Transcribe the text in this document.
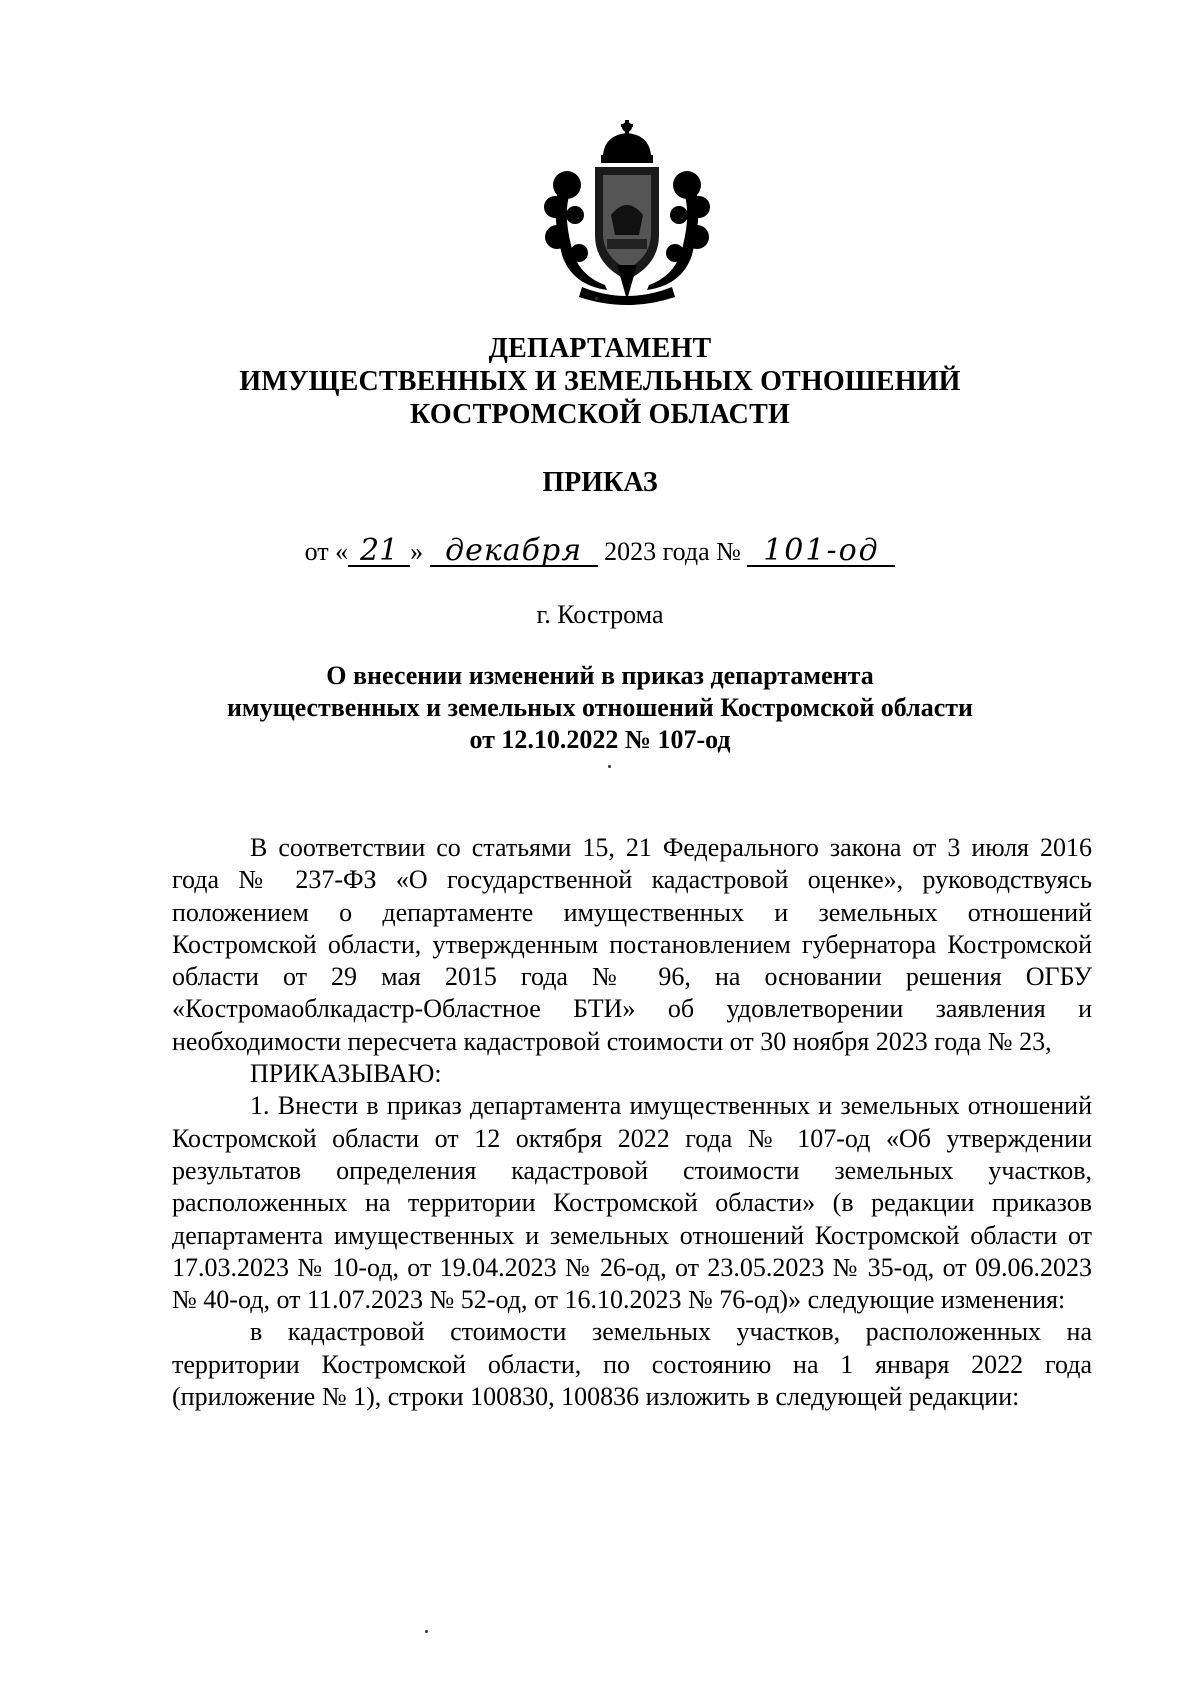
ДЕПАРТАМЕНТ
ИМУЩЕСТВЕННЫХ И ЗЕМЕЛЬНЫХ ОТНОШЕНИЙ
КОСТРОМСКОЙ ОБЛАСТИ
ПРИКАЗ
от « 21 » декабря 2023 года № 101-од
г. Кострома
О внесении изменений в приказ департамента
имущественных и земельных отношений Костромской области
от 12.10.2022 № 107-од

В соответствии со статьями 15, 21 Федерального закона от 3 июля 2016 года № 237-ФЗ «О государственной кадастровой оценке», руководствуясь положением о департаменте имущественных и земельных отношений Костромской области, утвержденным постановлением губернатора Костромской области от 29 мая 2015 года № 96, на основании решения ОГБУ «Костромаоблкадастр-Областное БТИ» об удовлетворении заявления и необходимости пересчета кадастровой стоимости от 30 ноября 2023 года № 23,

ПРИКАЗЫВАЮ:

1. Внести в приказ департамента имущественных и земельных отношений Костромской области от 12 октября 2022 года № 107-од «Об утверждении результатов определения кадастровой стоимости земельных участков, расположенных на территории Костромской области» (в редакции приказов департамента имущественных и земельных отношений Костромской области от 17.03.2023 № 10-од, от 19.04.2023 № 26-од, от 23.05.2023 № 35-од, от 09.06.2023 № 40-од, от 11.07.2023 № 52-од, от 16.10.2023 № 76-од)» следующие изменения:

в кадастровой стоимости земельных участков, расположенных на территории Костромской области, по состоянию на 1 января 2022 года (приложение № 1), строки 100830, 100836 изложить в следующей редакции:
